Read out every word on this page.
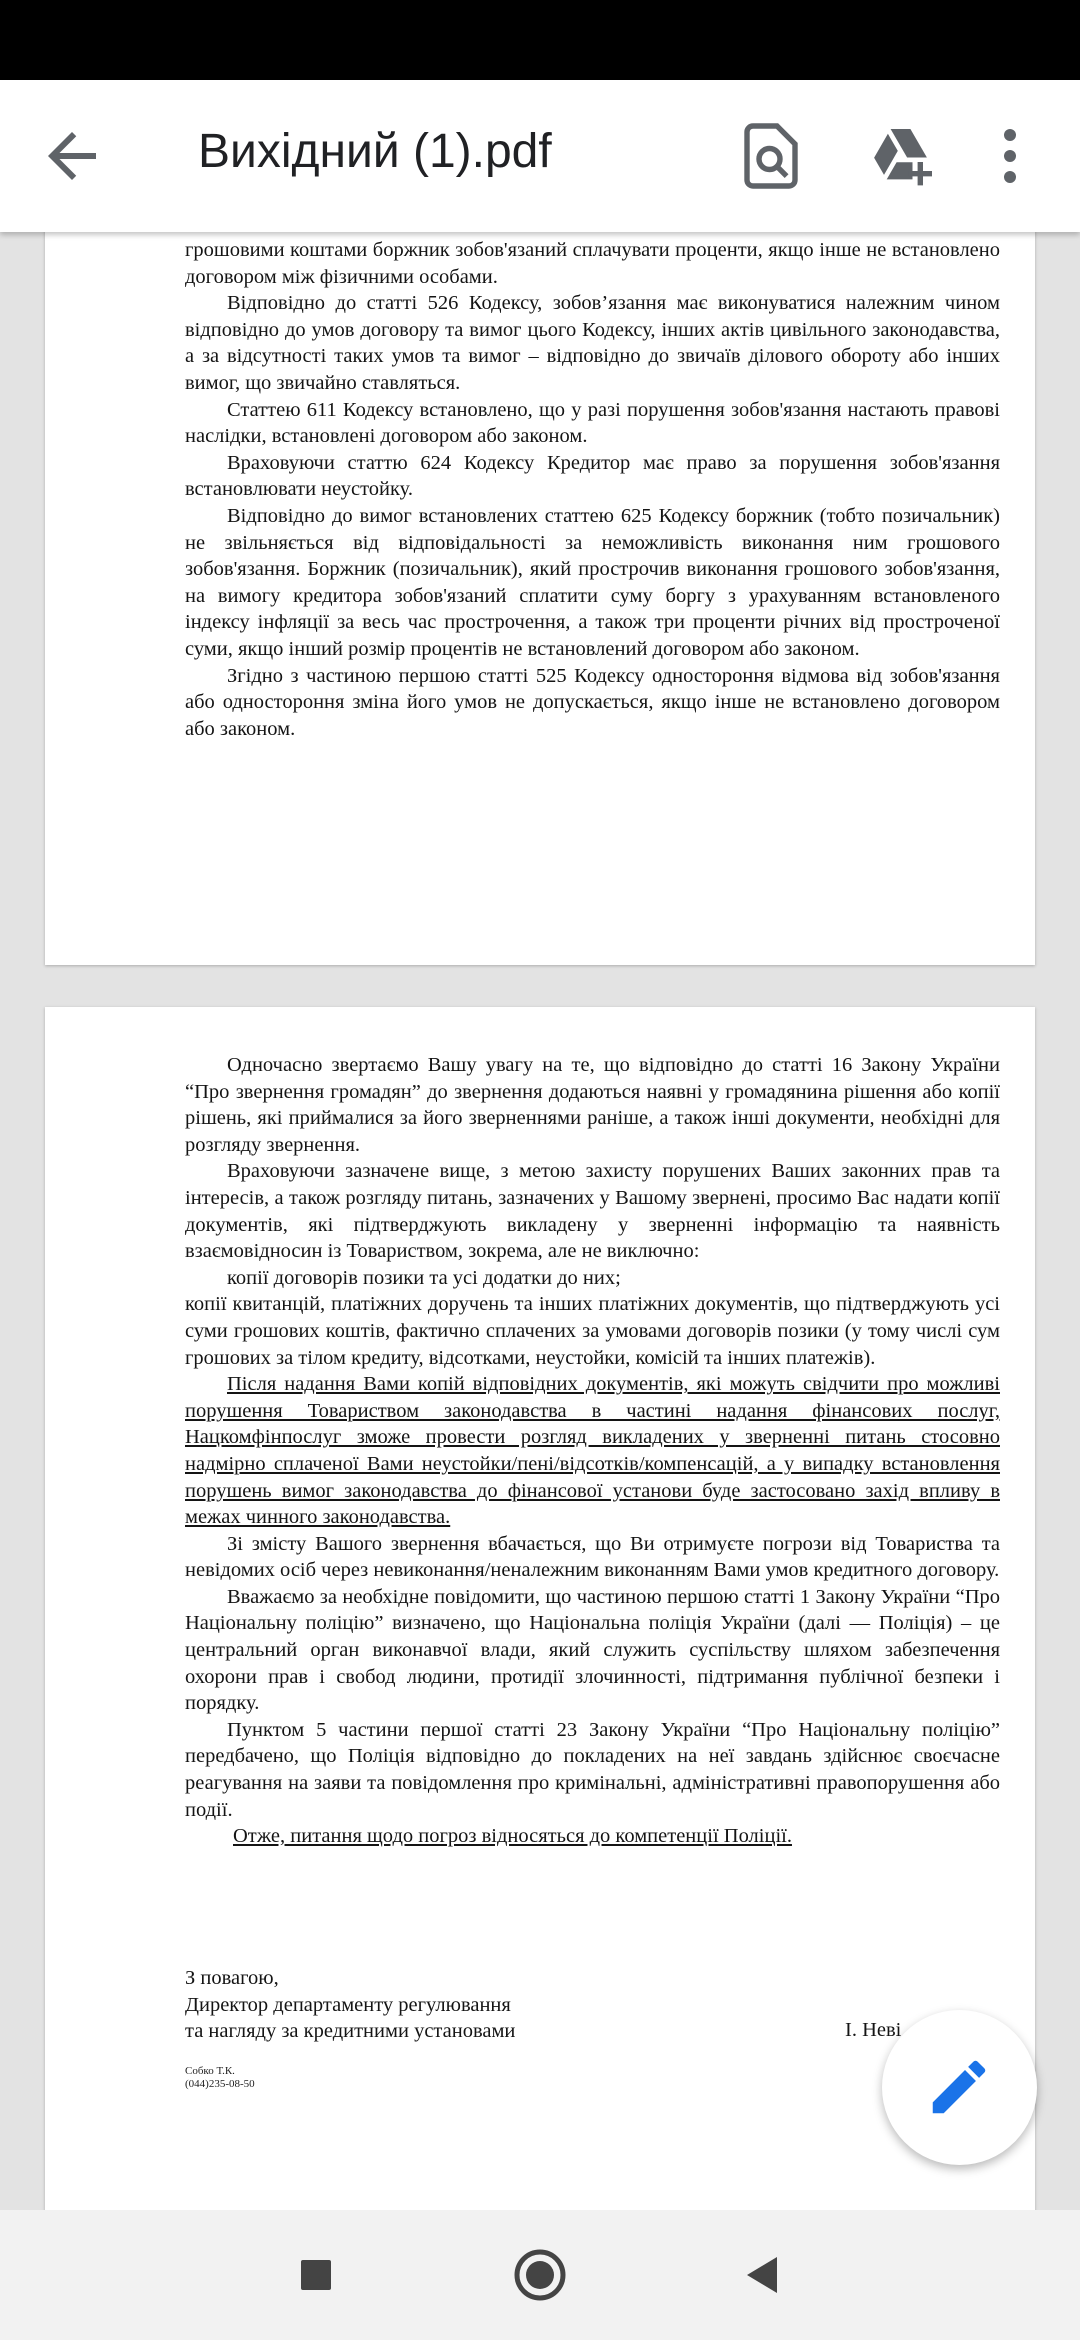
Вихідний (1).pdf

грошовими коштами боржник зобов'язаний сплачувати проценти, якщо інше не встановлено договором між фізичними особами.

Відповідно до статті 526 Кодексу, зобов’язання має виконуватися належним чином відповідно до умов договору та вимог цього Кодексу, інших актів цивільного законодавства, а за відсутності таких умов та вимог – відповідно до звичаїв ділового обороту або інших вимог, що звичайно ставляться.

Статтею 611 Кодексу встановлено, що у разі порушення зобов'язання настають правові наслідки, встановлені договором або законом.

Враховуючи статтю 624 Кодексу Кредитор має право за порушення зобов'язання встановлювати неустойку.

Відповідно до вимог встановлених статтею 625 Кодексу боржник (тобто позичальник) не звільняється від відповідальності за неможливість виконання ним грошового зобов'язання. Боржник (позичальник), який прострочив виконання грошового зобов'язання, на вимогу кредитора зобов'язаний сплатити суму боргу з урахуванням встановленого індексу інфляції за весь час прострочення, а також три проценти річних від простроченої суми, якщо інший розмір процентів не встановлений договором або законом.

Згідно з частиною першою статті 525 Кодексу одностороння відмова від зобов'язання або одностороння зміна його умов не допускається, якщо інше не встановлено договором або законом.

Одночасно звертаємо Вашу увагу на те, що відповідно до статті 16 Закону України “Про звернення громадян” до звернення додаються наявні у громадянина рішення або копії рішень, які приймалися за його зверненнями раніше, а також інші документи, необхідні для розгляду звернення.

Враховуючи зазначене вище, з метою захисту порушених Ваших законних прав та інтересів, а також розгляду питань, зазначених у Вашому звернені, просимо Вас надати копії документів, які підтверджують викладену у зверненні інформацію та наявність взаємовідносин із Товариством, зокрема, але не виключно:

копії договорів позики та усі додатки до них;

копії квитанцій, платіжних доручень та інших платіжних документів, що підтверджують усі суми грошових коштів, фактично сплачених за умовами договорів позики (у тому числі сум грошових за тілом кредиту, відсотками, неустойки, комісій та інших платежів).

Після надання Вами копій відповідних документів, які можуть свідчити про можливі порушення Товариством законодавства в частині надання фінансових послуг, Нацкомфінпослуг зможе провести розгляд викладених у зверненні питань стосовно надмірно сплаченої Вами неустойки/пені/відсотків/компенсацій, а у випадку встановлення порушень вимог законодавства до фінансової установи буде застосовано захід впливу в межах чинного законодавства.

Зі змісту Вашого звернення вбачається, що Ви отримуєте погрози від Товариства та невідомих осіб через невиконання/неналежним виконанням Вами умов кредитного договору.

Вважаємо за необхідне повідомити, що частиною першою статті 1 Закону України “Про Національну поліцію” визначено, що Національна поліція України (далі — Поліція) – це центральний орган виконавчої влади, який служить суспільству шляхом забезпечення охорони прав і свобод людини, протидії злочинності, підтримання публічної безпеки і порядку.

Пунктом 5 частини першої статті 23 Закону України “Про Національну поліцію” передбачено, що Поліція відповідно до покладених на неї завдань здійснює своєчасне реагування на заяви та повідомлення про кримінальні, адміністративні правопорушення або події.

Отже, питання щодо погроз відносяться до компетенції Поліції.

З повагою,
Директор департаменту регулювання
та нагляду за кредитними установами	І. Неві
Собко Т.К.
(044)235-08-50
